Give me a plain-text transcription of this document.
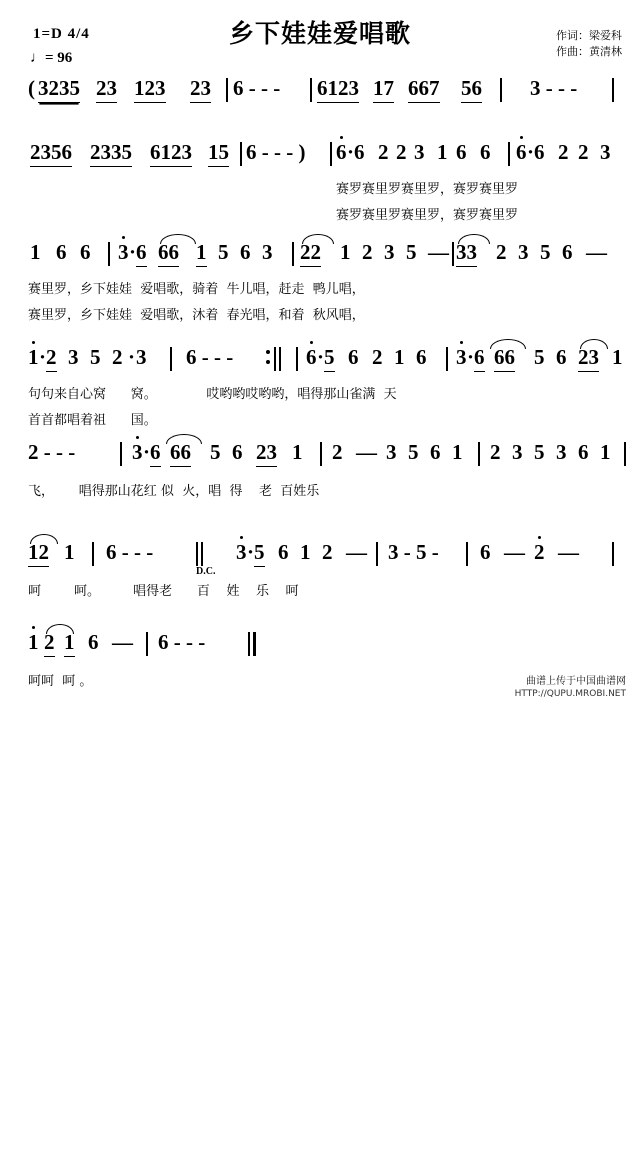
乡下娃娃爱唱歌
1=D 4/4
♩= 96
作词：梁爱科
作曲：黄清林

(

3235

23

123

23

6 - - -

6123

17

667

56

3 - - -

2356

2335

6123

15

6 - - - )

6

·

6

2

2

3

1

6

6

6

·

6

2

2

3

赛罗赛里罗赛里罗，赛罗赛里罗

赛罗赛里罗赛里罗，赛罗赛里罗

1

6

6

3

·

6

66

1

5

6

3

22

1

2

3

5

—

33

2

3

5

6

—

赛里罗，乡下娃娃  爱唱歌，骑着  牛儿唱，赶走  鸭儿唱，

赛里罗，乡下娃娃  爱唱歌，沐着  春光唱，和着  秋风唱，

1

·

2

3

5

2

·

3

6 - - -

	6

·

5

6

2

1

6

3

·

6

66

5

6

23

1

句句来自心窝      窝。            哎哟哟哎哟哟，唱得那山雀满  天

首首都唱着祖      国。

2 - - -

	3

·

6

66

5

6

23

1

2

—

3

5

6

1

2

3

5

3

6

1

飞，      唱得那山花红 似  火，唱  得    老  百姓乐

12

1

6 - - -

	3

·

5

6

1

2

—

3 - 5 -

6

—

2

—

D.C.

呵        呵。        唱得老      百    姓    乐    呵

1

2

1

6

—

6 - - -

呵呵  呵 。

	曲谱上传于中国曲谱网
HTTP://QUPU.MROBI.NET
